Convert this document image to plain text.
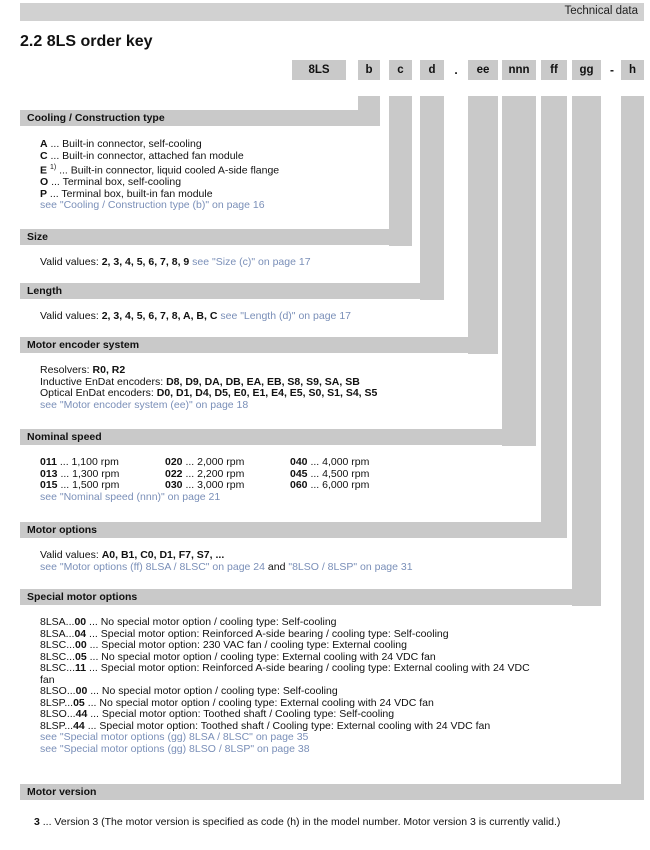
Technical data
2.2 8LS order key
8LS	b	c	d	.	ee	nnn	ff	gg	-	h
Cooling / Construction type
A ... Built-in connector, self-cooling
C ... Built-in connector, attached fan module
E $^{1)}$ ... Built-in connector, liquid cooled A-side flange
O ... Terminal box, self-cooling
P ... Terminal box, built-in fan module
see "Cooling / Construction type (b)" on page 16
Size
Valid values: 2, 3, 4, 5, 6, 7, 8, 9 see "Size (c)" on page 17
Length
Valid values: 2, 3, 4, 5, 6, 7, 8, A, B, C see "Length (d)" on page 17
Motor encoder system
Resolvers: R0, R2
Inductive EnDat encoders: D8, D9, DA, DB, EA, EB, S8, S9, SA, SB
Optical EnDat encoders: D0, D1, D4, D5, E0, E1, E4, E5, S0, S1, S4, S5
see "Motor encoder system (ee)" on page 18
Nominal speed
011 ... 1,100 rpm	020 ... 2,000 rpm	040 ... 4,000 rpm
013 ... 1,300 rpm	022 ... 2,200 rpm	045 ... 4,500 rpm
015 ... 1,500 rpm	030 ... 3,000 rpm	060 ... 6,000 rpm
see "Nominal speed (nnn)" on page 21
Motor options
Valid values: A0, B1, C0, D1, F7, S7, ...
see "Motor options (ff) 8LSA / 8LSC" on page 24 and "8LSO / 8LSP" on page 31
Special motor options
8LSA...00 ... No special motor option / cooling type: Self-cooling
8LSA...04 ... Special motor option: Reinforced A-side bearing / cooling type: Self-cooling
8LSC...00 ... Special motor option: 230 VAC fan / cooling type: External cooling
8LSC...05 ... No special motor option / cooling type: External cooling with 24 VDC fan
8LSC...11 ... Special motor option: Reinforced A-side bearing / cooling type: External cooling with 24 VDC fan
8LSO...00 ... No special motor option / cooling type: Self-cooling
8LSP...05 ... No special motor option / cooling type: External cooling with 24 VDC fan
8LSO...44 ... Special motor option: Toothed shaft / Cooling type: Self-cooling
8LSP...44 ... Special motor option: Toothed shaft / Cooling type: External cooling with 24 VDC fan
see "Special motor options (gg) 8LSA / 8LSC" on page 35
see "Special motor options (gg) 8LSO / 8LSP" on page 38
Motor version
3 ... Version 3 (The motor version is specified as code (h) in the model number. Motor version 3 is currently valid.)
